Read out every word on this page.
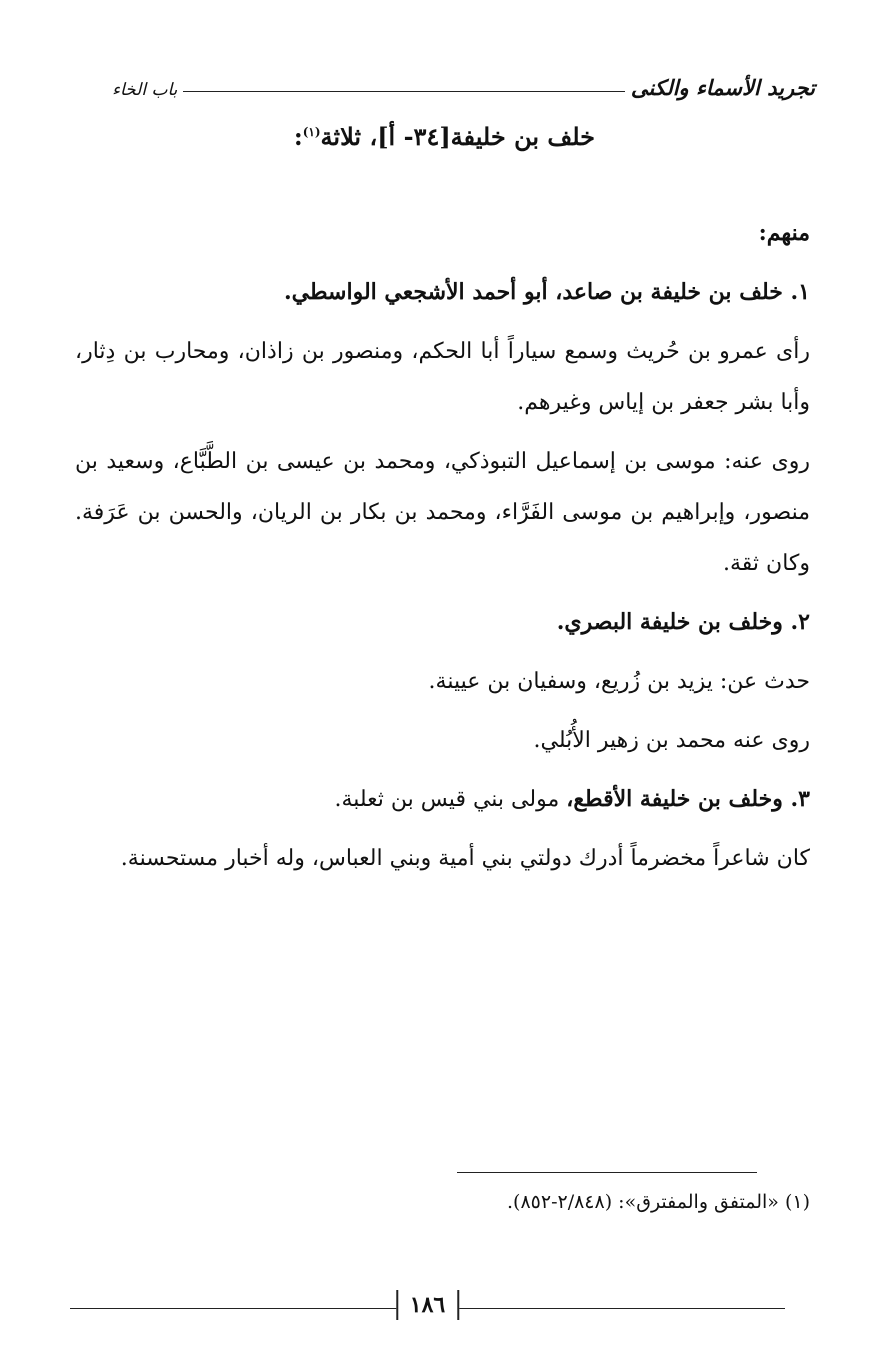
تجريد الأسماء والكنى
باب الخاء
خلف بن خليفة[٣٤- أ]، ثلاثة$^{(١)}$:

منهم:

١. خلف بن خليفة بن صاعد، أبو أحمد الأشجعي الواسطي.

رأى عمرو بن حُريث وسمع سياراً أبا الحكم، ومنصور بن زاذان، ومحارب بن دِثار، وأبا بشر جعفر بن إياس وغيرهم.

روى عنه: موسى بن إسماعيل التبوذكي، ومحمد بن عيسى بن الطَّبَّاع، وسعيد بن منصور، وإبراهيم بن موسى الفَرَّاء، ومحمد بن بكار بن الريان، والحسن بن عَرَفة. وكان ثقة.

٢. وخلف بن خليفة البصري.

حدث عن: يزيد بن زُريع، وسفيان بن عيينة.

روى عنه محمد بن زهير الأُبُلي.

٣. وخلف بن خليفة الأقطع، مولى بني قيس بن ثعلبة.

كان شاعراً مخضرماً أدرك دولتي بني أمية وبني العباس، وله أخبار مستحسنة.

(١) «المتفق والمفترق»: (٢/٨٤٨-٨٥٢).
١٨٦
